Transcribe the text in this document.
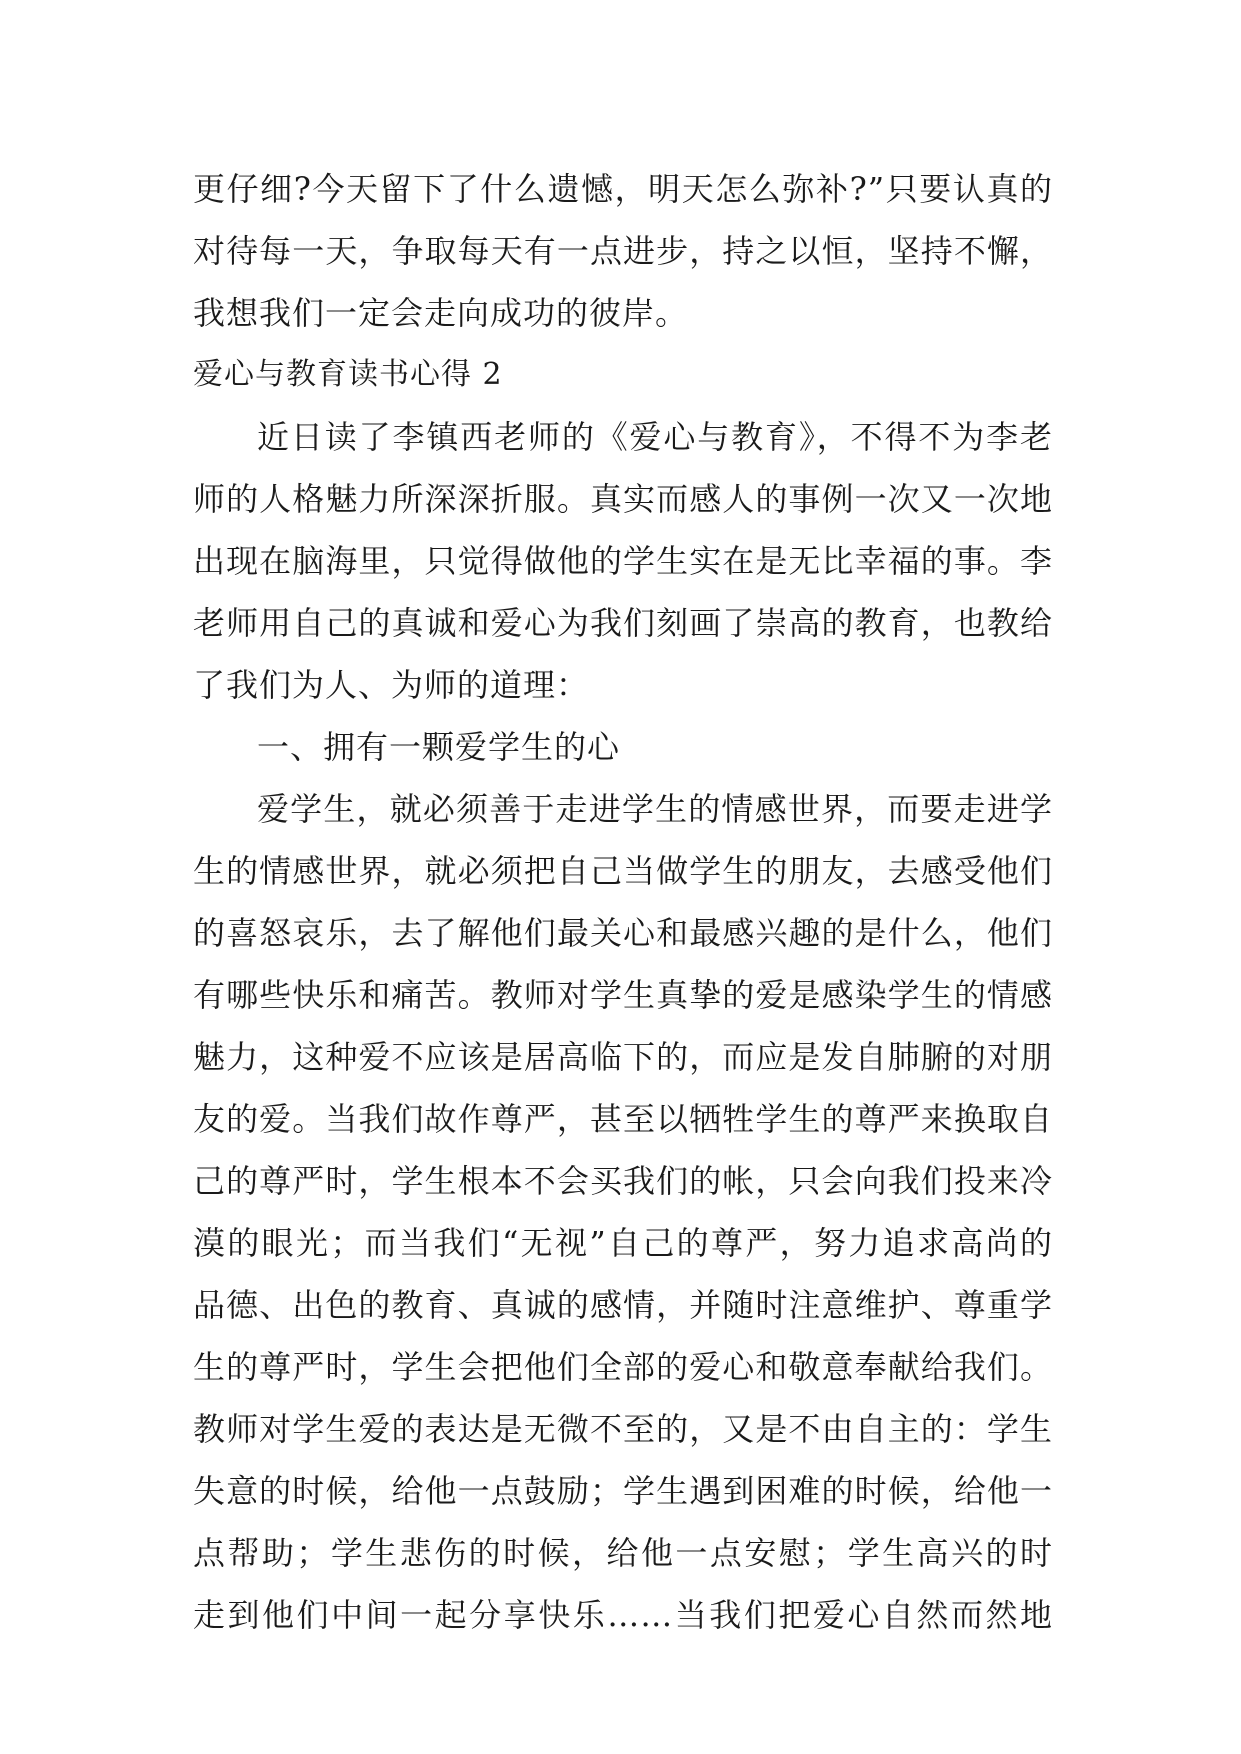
更仔细?今天留下了什么遗憾，明天怎么弥补?”只要认真的
对待每一天，争取每天有一点进步，持之以恒，坚持不懈，
我想我们一定会走向成功的彼岸。
爱心与教育读书心得 2
近日读了李镇西老师的《爱心与教育》，不得不为李老
师的人格魅力所深深折服。真实而感人的事例一次又一次地
出现在脑海里，只觉得做他的学生实在是无比幸福的事。李
老师用自己的真诚和爱心为我们刻画了崇高的教育，也教给
了我们为人、为师的道理：
一、拥有一颗爱学生的心
爱学生，就必须善于走进学生的情感世界，而要走进学
生的情感世界，就必须把自己当做学生的朋友，去感受他们
的喜怒哀乐，去了解他们最关心和最感兴趣的是什么，他们
有哪些快乐和痛苦。教师对学生真挚的爱是感染学生的情感
魅力，这种爱不应该是居高临下的，而应是发自肺腑的对朋
友的爱。当我们故作尊严，甚至以牺牲学生的尊严来换取自
己的尊严时，学生根本不会买我们的帐，只会向我们投来冷
漠的眼光；而当我们“无视”自己的尊严，努力追求高尚的
品德、出色的教育、真诚的感情，并随时注意维护、尊重学
生的尊严时，学生会把他们全部的爱心和敬意奉献给我们。
教师对学生爱的表达是无微不至的，又是不由自主的：学生
失意的时候，给他一点鼓励；学生遇到困难的时候，给他一
点帮助；学生悲伤的时候，给他一点安慰；学生高兴的时
走到他们中间一起分享快乐……当我们把爱心自然而然地
